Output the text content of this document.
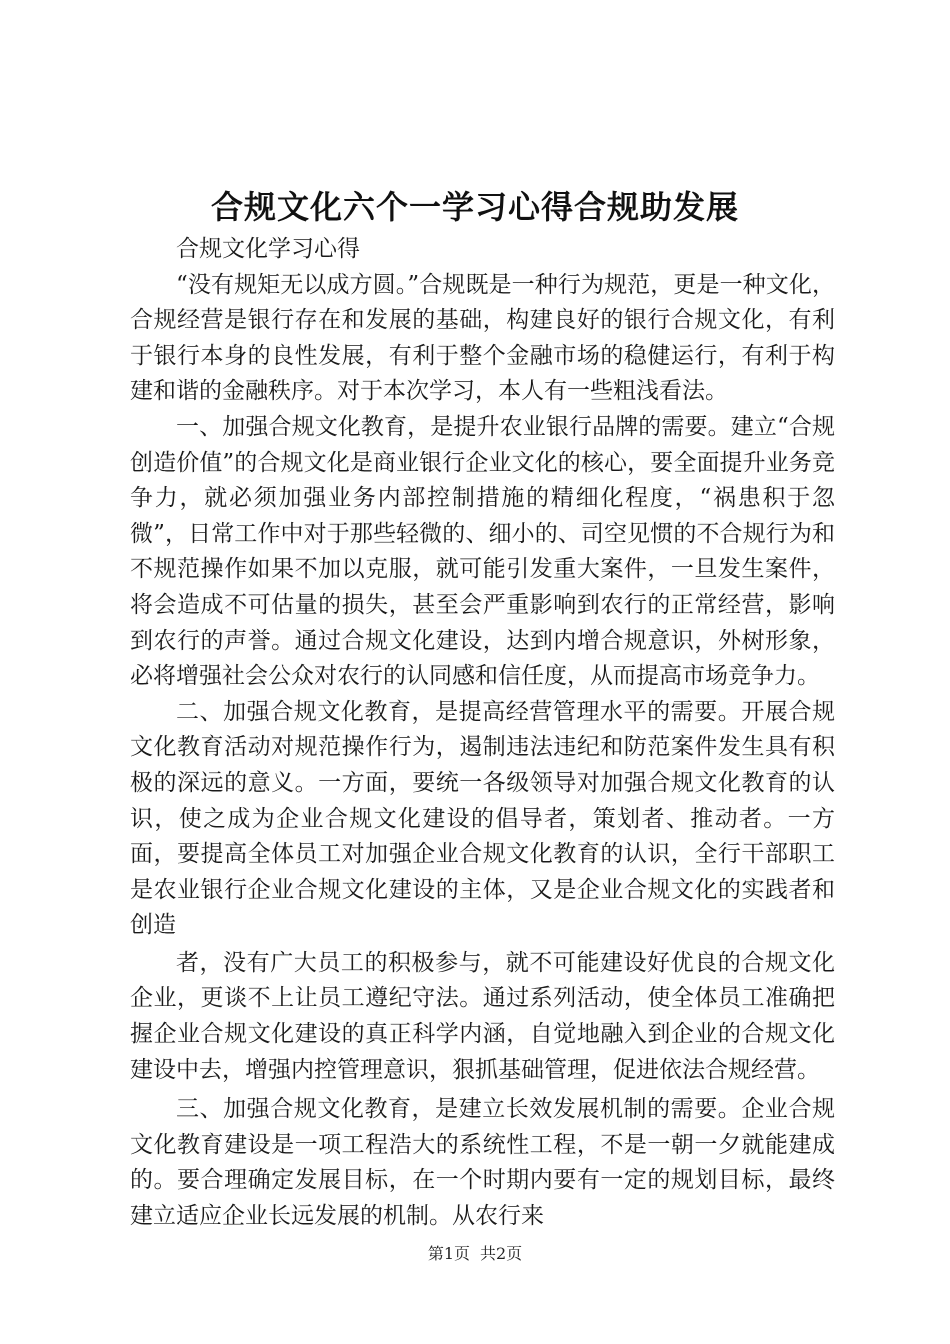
合规文化六个一学习心得合规助发展

合规文化学习心得

“没有规矩无以成方圆。”合规既是一种行为规范，更是一种文化，合规经营是银行存在和发展的基础，构建良好的银行合规文化，有利于银行本身的良性发展，有利于整个金融市场的稳健运行，有利于构建和谐的金融秩序。对于本次学习，本人有一些粗浅看法。

一、加强合规文化教育，是提升农业银行品牌的需要。建立“合规创造价值”的合规文化是商业银行企业文化的核心，要全面提升业务竞争力，就必须加强业务内部控制措施的精细化程度，“祸患积于忽微”，日常工作中对于那些轻微的、细小的、司空见惯的不合规行为和不规范操作如果不加以克服，就可能引发重大案件，一旦发生案件，将会造成不可估量的损失，甚至会严重影响到农行的正常经营，影响到农行的声誉。通过合规文化建设，达到内增合规意识，外树形象，必将增强社会公众对农行的认同感和信任度，从而提高市场竞争力。

二、加强合规文化教育，是提高经营管理水平的需要。开展合规文化教育活动对规范操作行为，遏制违法违纪和防范案件发生具有积极的深远的意义。一方面，要统一各级领导对加强合规文化教育的认识，使之成为企业合规文化建设的倡导者，策划者、推动者。一方面，要提高全体员工对加强企业合规文化教育的认识，全行干部职工是农业银行企业合规文化建设的主体，又是企业合规文化的实践者和创造

者，没有广大员工的积极参与，就不可能建设好优良的合规文化企业，更谈不上让员工遵纪守法。通过系列活动，使全体员工准确把握企业合规文化建设的真正科学内涵，自觉地融入到企业的合规文化建设中去，增强内控管理意识，狠抓基础管理，促进依法合规经营。

三、加强合规文化教育，是建立长效发展机制的需要。企业合规文化教育建设是一项工程浩大的系统性工程，不是一朝一夕就能建成的。要合理确定发展目标，在一个时期内要有一定的规划目标，最终建立适应企业长远发展的机制。从农行来

第1页 共2页
